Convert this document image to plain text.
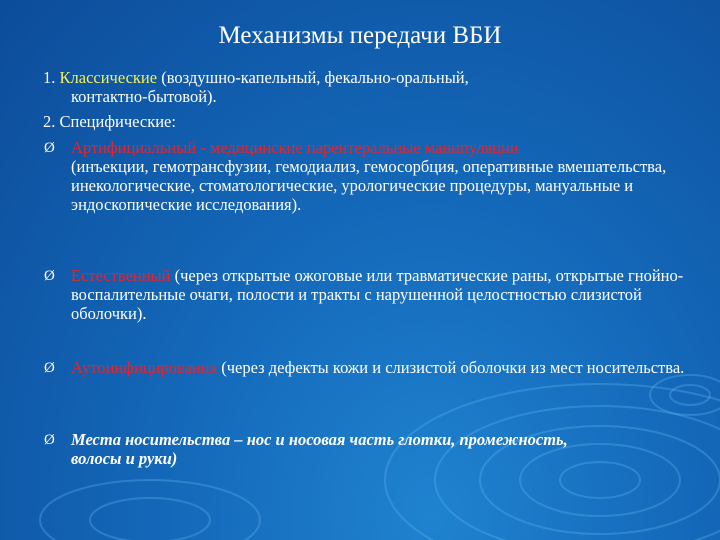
Механизмы передачи ВБИ
1. Классические (воздушно-капельный, фекально-оральный,
контактно-бытовой).
2. Специфические:
Ø Артифициальный - медицинские парентеральные манипуляции
(инъекции, гемотрансфузии, гемодиализ, гемосорбция, оперативные вмешательства, инекологические, стоматологические, урологические процедуры, мануальные и эндоскопические исследования).
Ø Естественный (через открытые ожоговые или травматические раны, открытые гнойно-воспалительные очаги, полости и тракты с нарушенной целостностью слизистой оболочки).
Ø Аутоинфицирования (через дефекты кожи и слизистой оболочки из мест носительства.
Ø Места носительства – нос и носовая часть глотки, промежность, волосы и руки)
